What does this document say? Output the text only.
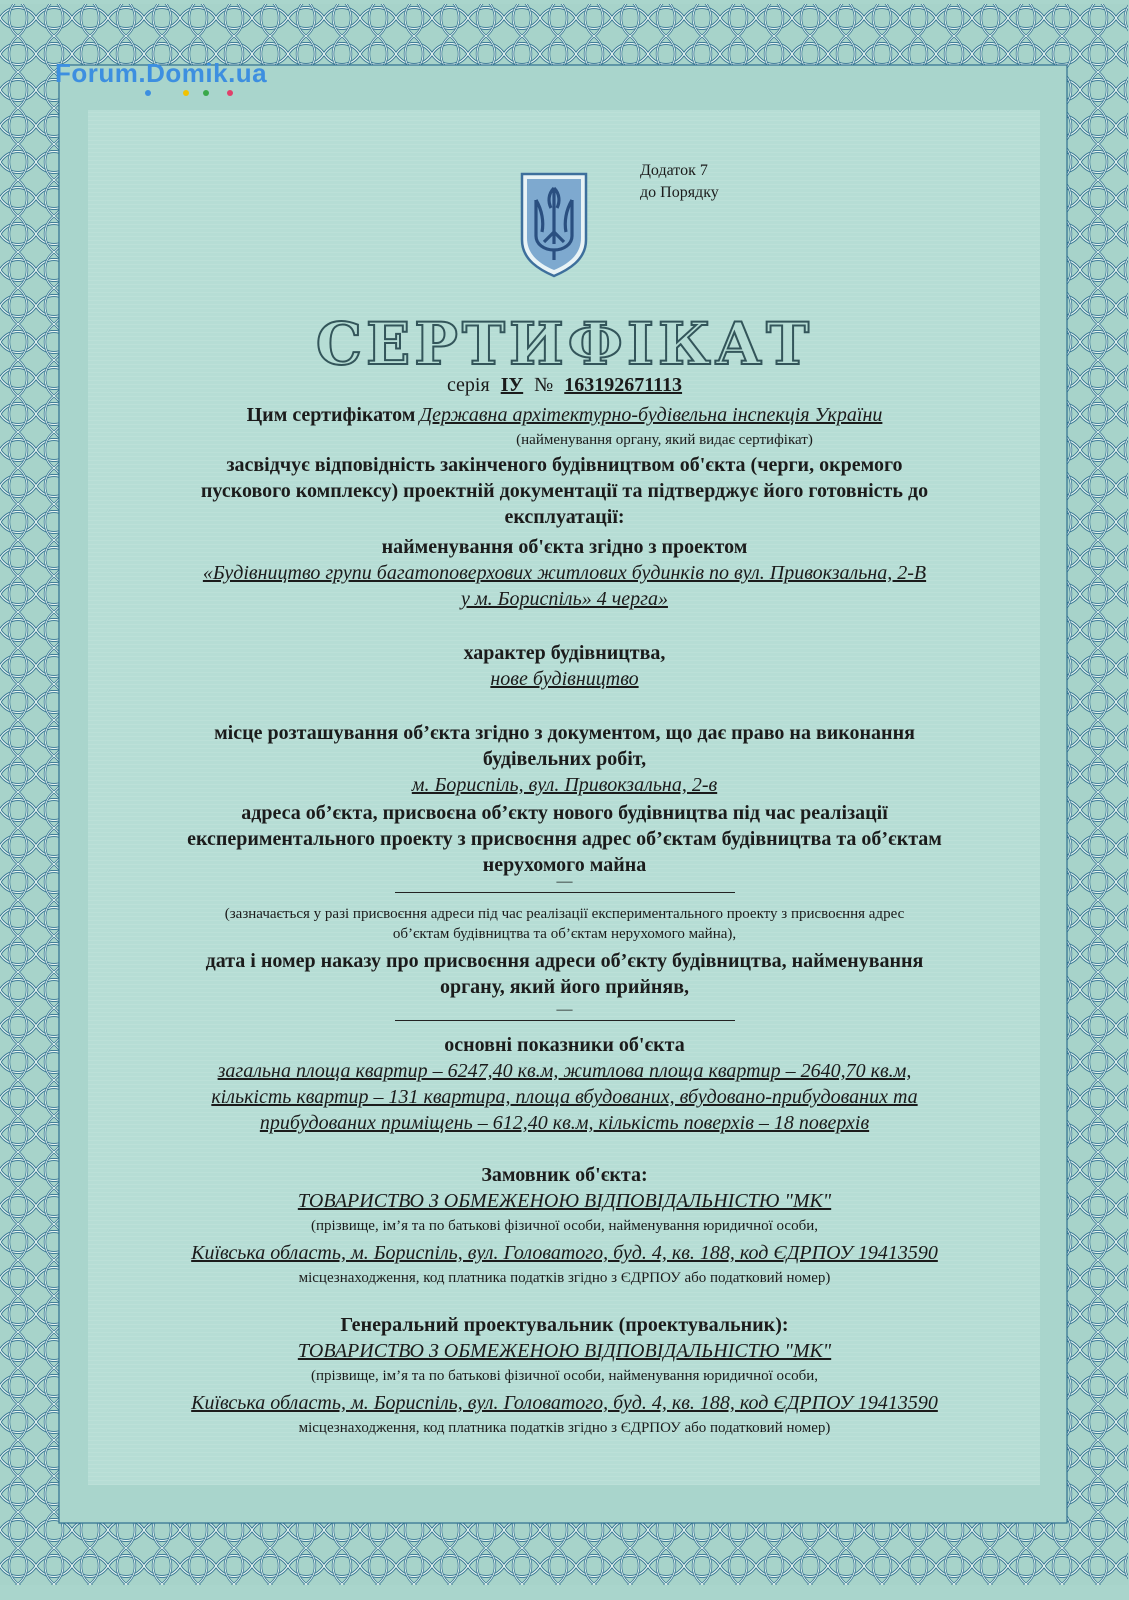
Forum.Domik.ua
Додаток 7
до Порядку
СЕРТИФІКАТ
серія ІУ № 163192671113
Цим сертифікатом Державна архітектурно-будівельна інспекція України
(найменування органу, який видає сертифікат)
засвідчує відповідність закінченого будівництвом об'єкта (черги, окремого
пускового комплексу) проектній документації та підтверджує його готовність до
експлуатації:
найменування об'єкта згідно з проектом
«Будівництво групи багатоповерхових житлових будинків по вул. Привокзальна, 2-В
у м. Бориспіль» 4 черга»
характер будівництва,
нове будівництво
місце розташування об’єкта згідно з документом, що дає право на виконання
будівельних робіт,
м. Бориспіль, вул. Привокзальна, 2-в
адреса об’єкта, присвоєна об’єкту нового будівництва під час реалізації
експериментального проекту з присвоєння адрес об’єктам будівництва та об’єктам
нерухомого майна
—
(зазначається у разі присвоєння адреси під час реалізації експериментального проекту з присвоєння адрес
об’єктам будівництва та об’єктам нерухомого майна),
дата і номер наказу про присвоєння адреси об’єкту будівництва, найменування
органу, який його прийняв,
—
основні показники об'єкта
загальна площа квартир – 6247,40 кв.м, житлова площа квартир – 2640,70 кв.м,
кількість квартир – 131 квартира, площа вбудованих, вбудовано-прибудованих та
прибудованих приміщень – 612,40 кв.м, кількість поверхів – 18 поверхів
Замовник об'єкта:
ТОВАРИСТВО З ОБМЕЖЕНОЮ ВІДПОВІДАЛЬНІСТЮ "МК"
(прізвище, ім’я та по батькові фізичної особи, найменування юридичної особи,
Київська область, м. Бориспіль, вул. Головатого, буд. 4, кв. 188, код ЄДРПОУ 19413590
місцезнаходження, код платника податків згідно з ЄДРПОУ або податковий номер)
Генеральний проектувальник (проектувальник):
ТОВАРИСТВО З ОБМЕЖЕНОЮ ВІДПОВІДАЛЬНІСТЮ "МК"
(прізвище, ім’я та по батькові фізичної особи, найменування юридичної особи,
Київська область, м. Бориспіль, вул. Головатого, буд. 4, кв. 188, код ЄДРПОУ 19413590
місцезнаходження, код платника податків згідно з ЄДРПОУ або податковий номер)
